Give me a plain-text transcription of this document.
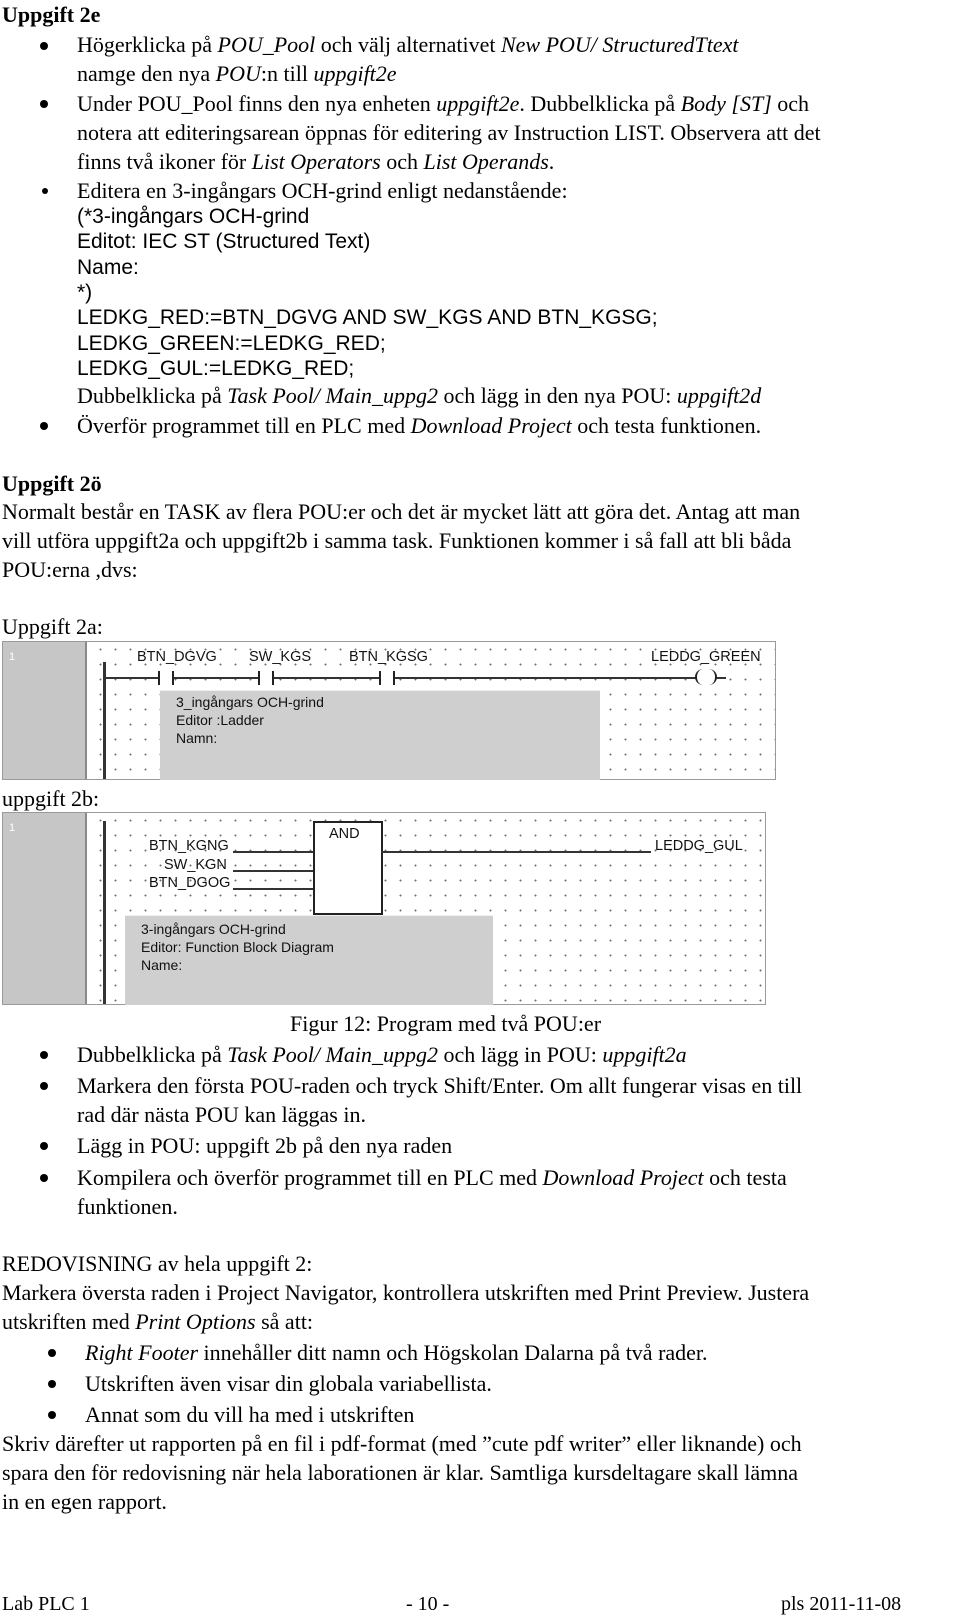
Uppgift 2e
Högerklicka på POU_Pool och välj alternativet New POU/ StructuredTtext
namge den nya POU:n till uppgift2e
Under POU_Pool finns den nya enheten uppgift2e. Dubbelklicka på Body [ST] och
notera att editeringsarean öppnas för editering av Instruction LIST. Observera att det
finns två ikoner för List Operators och List Operands.
Editera en 3-ingångars OCH-grind enligt nedanstående:
(*3-ingångars OCH-grind
Editot: IEC ST (Structured Text)
Name:
*)
LEDKG_RED:=BTN_DGVG AND SW_KGS AND BTN_KGSG;
LEDKG_GREEN:=LEDKG_RED;
LEDKG_GUL:=LEDKG_RED;
Dubbelklicka på Task Pool/ Main_uppg2 och lägg in den nya POU: uppgift2d
Överför programmet till en PLC med Download Project och testa funktionen.
Uppgift 2ö
Normalt består en TASK av flera POU:er och det är mycket lätt att göra det. Antag att man
vill utföra uppgift2a och uppgift2b i samma task. Funktionen kommer i så fall att bli båda
POU:erna ,dvs:
Uppgift 2a:
1	BTN_DGVG SW_KGS	BTN_KGSG	LEDDG_GREEN
3_ingångars OCH-grind
Editor :Ladder
Namn:
uppgift 2b:
1	AND
BTN_KGNG
SW_KGN
BTN_DGOG
LEDDG_GUL
3-ingångars OCH-grind
Editor: Function Block Diagram
Name:
Figur 12: Program med två POU:er
Dubbelklicka på Task Pool/ Main_uppg2 och lägg in POU: uppgift2a
Markera den första POU-raden och tryck Shift/Enter. Om allt fungerar visas en till
rad där nästa POU kan läggas in.
Lägg in POU: uppgift 2b på den nya raden
Kompilera och överför programmet till en PLC med Download Project och testa
funktionen.
REDOVISNING av hela uppgift 2:
Markera översta raden i Project Navigator, kontrollera utskriften med Print Preview. Justera
utskriften med Print Options så att:
Right Footer innehåller ditt namn och Högskolan Dalarna på två rader.
Utskriften även visar din globala variabellista.
Annat som du vill ha med i utskriften
Skriv därefter ut rapporten på en fil i pdf-format (med ”cute pdf writer” eller liknande) och
spara den för redovisning när hela laborationen är klar. Samtliga kursdeltagare skall lämna
in en egen rapport.
Lab PLC 1	- 10 -	pls 2011-11-08
